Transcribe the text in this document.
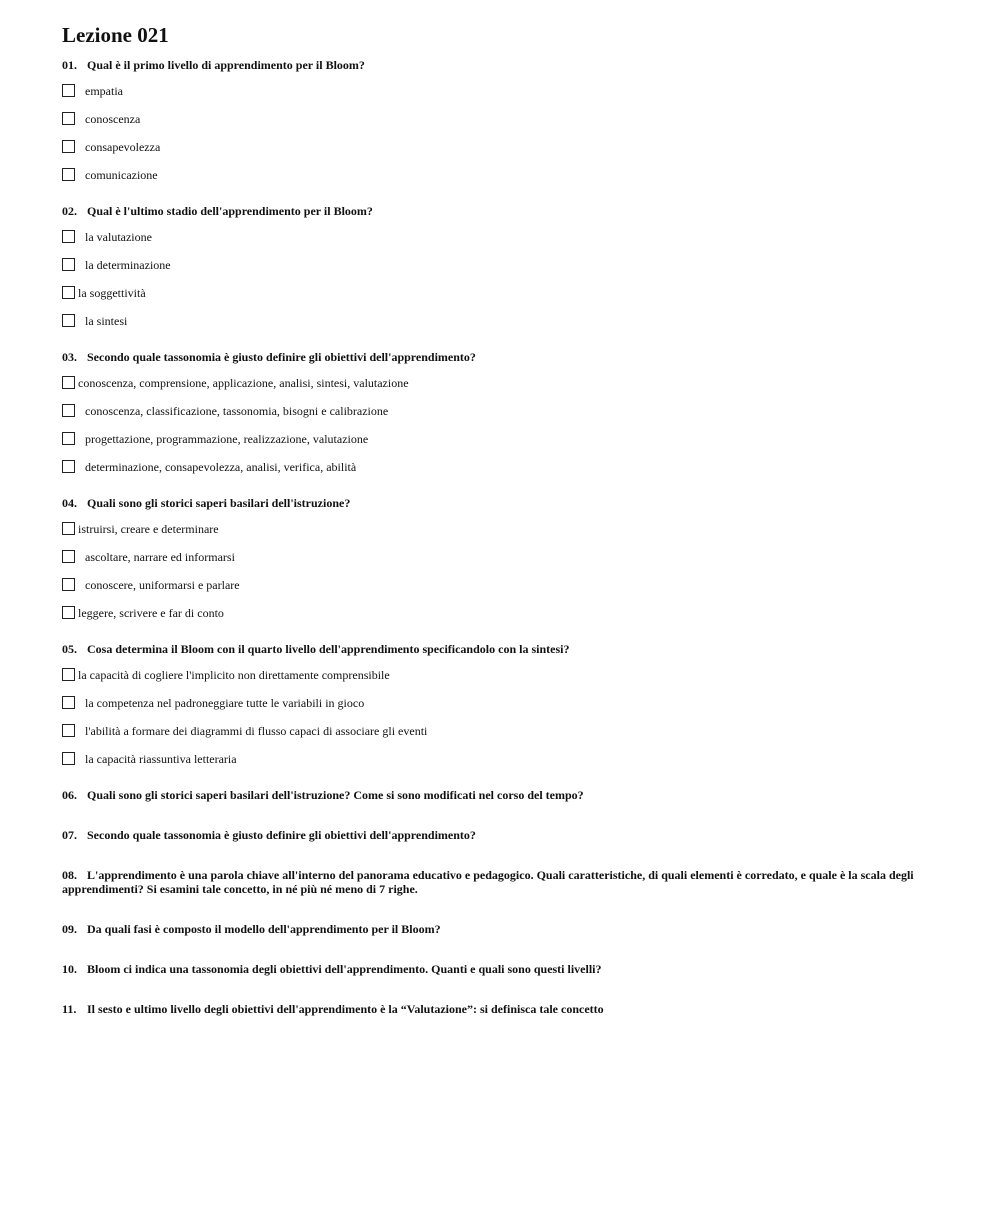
Lezione 021
01. Qual è il primo livello di apprendimento per il Bloom?
empatia
conoscenza
consapevolezza
comunicazione
02. Qual è l'ultimo stadio dell'apprendimento per il Bloom?
la valutazione
la determinazione
la soggettività
la sintesi
03. Secondo quale tassonomia è giusto definire gli obiettivi dell'apprendimento?
conoscenza, comprensione, applicazione, analisi, sintesi, valutazione
conoscenza, classificazione, tassonomia, bisogni e calibrazione
progettazione, programmazione, realizzazione, valutazione
determinazione, consapevolezza, analisi, verifica, abilità
04. Quali sono gli storici saperi basilari dell'istruzione?
istruirsi, creare e determinare
ascoltare, narrare ed informarsi
conoscere, uniformarsi e parlare
leggere, scrivere e far di conto
05. Cosa determina il Bloom con il quarto livello dell'apprendimento specificandolo con la sintesi?
la capacità di cogliere l'implicito non direttamente comprensibile
la competenza nel padroneggiare tutte le variabili in gioco
l'abilità a formare dei diagrammi di flusso capaci di associare gli eventi
la capacità riassuntiva letteraria
06. Quali sono gli storici saperi basilari dell'istruzione? Come si sono modificati nel corso del tempo?
07. Secondo quale tassonomia è giusto definire gli obiettivi dell'apprendimento?
08. L'apprendimento è una parola chiave all'interno del panorama educativo e pedagogico. Quali caratteristiche, di quali elementi è corredato, e quale è la scala degli apprendimenti? Si esamini tale concetto, in né più né meno di 7 righe.
09. Da quali fasi è composto il modello dell'apprendimento per il Bloom?
10. Bloom ci indica una tassonomia degli obiettivi dell'apprendimento. Quanti e quali sono questi livelli?
11. Il sesto e ultimo livello degli obiettivi dell'apprendimento è la “Valutazione”: si definisca tale concetto
